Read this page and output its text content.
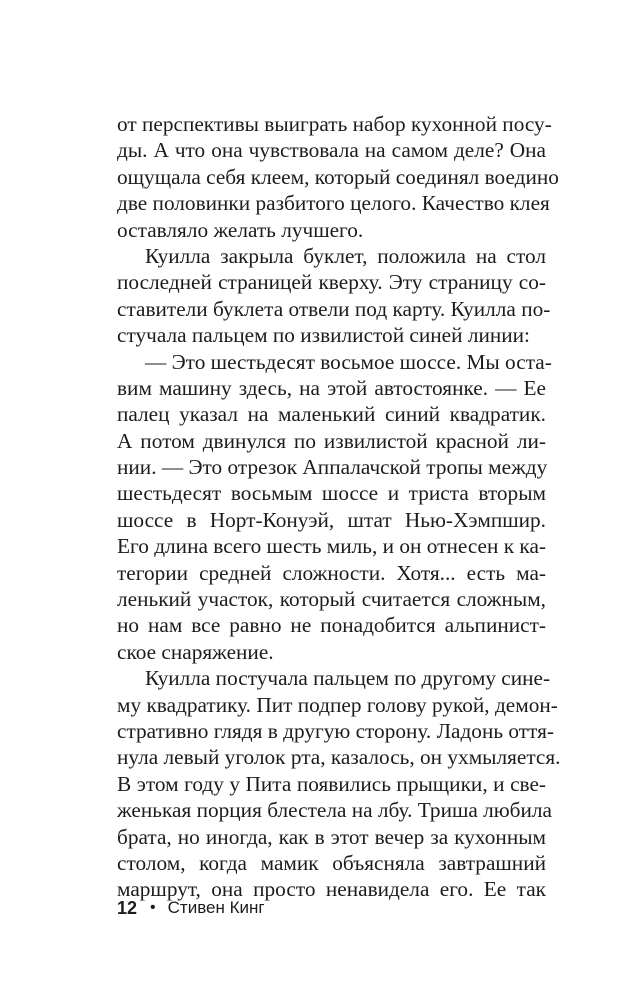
от перспективы выиграть набор кухонной посу-
ды. А что она чувствовала на самом деле? Она
ощущала себя клеем, который соединял воедино
две половинки разбитого целого. Качество клея
оставляло желать лучшего.
Куилла закрыла буклет, положила на стол
последней страницей кверху. Эту страницу со-
ставители буклета отвели под карту. Куилла по-
стучала пальцем по извилистой синей линии:
— Это шестьдесят восьмое шоссе. Мы оста-
вим машину здесь, на этой автостоянке. — Ее
палец указал на маленький синий квадратик.
А потом двинулся по извилистой красной ли-
нии. — Это отрезок Аппалачской тропы между
шестьдесят восьмым шоссе и триста вторым
шоссе в Норт-Конуэй, штат Нью-Хэмпшир.
Его длина всего шесть миль, и он отнесен к ка-
тегории средней сложности. Хотя... есть ма-
ленький участок, который считается сложным,
но нам все равно не понадобится альпинист-
ское снаряжение.
Куилла постучала пальцем по другому сине-
му квадратику. Пит подпер голову рукой, демон-
стративно глядя в другую сторону. Ладонь оття-
нула левый уголок рта, казалось, он ухмыляется.
В этом году у Пита появились прыщики, и све-
женькая порция блестела на лбу. Триша любила
брата, но иногда, как в этот вечер за кухонным
столом, когда мамик объясняла завтрашний
маршрут, она просто ненавидела его. Ее так
12 • Стивен Кинг
